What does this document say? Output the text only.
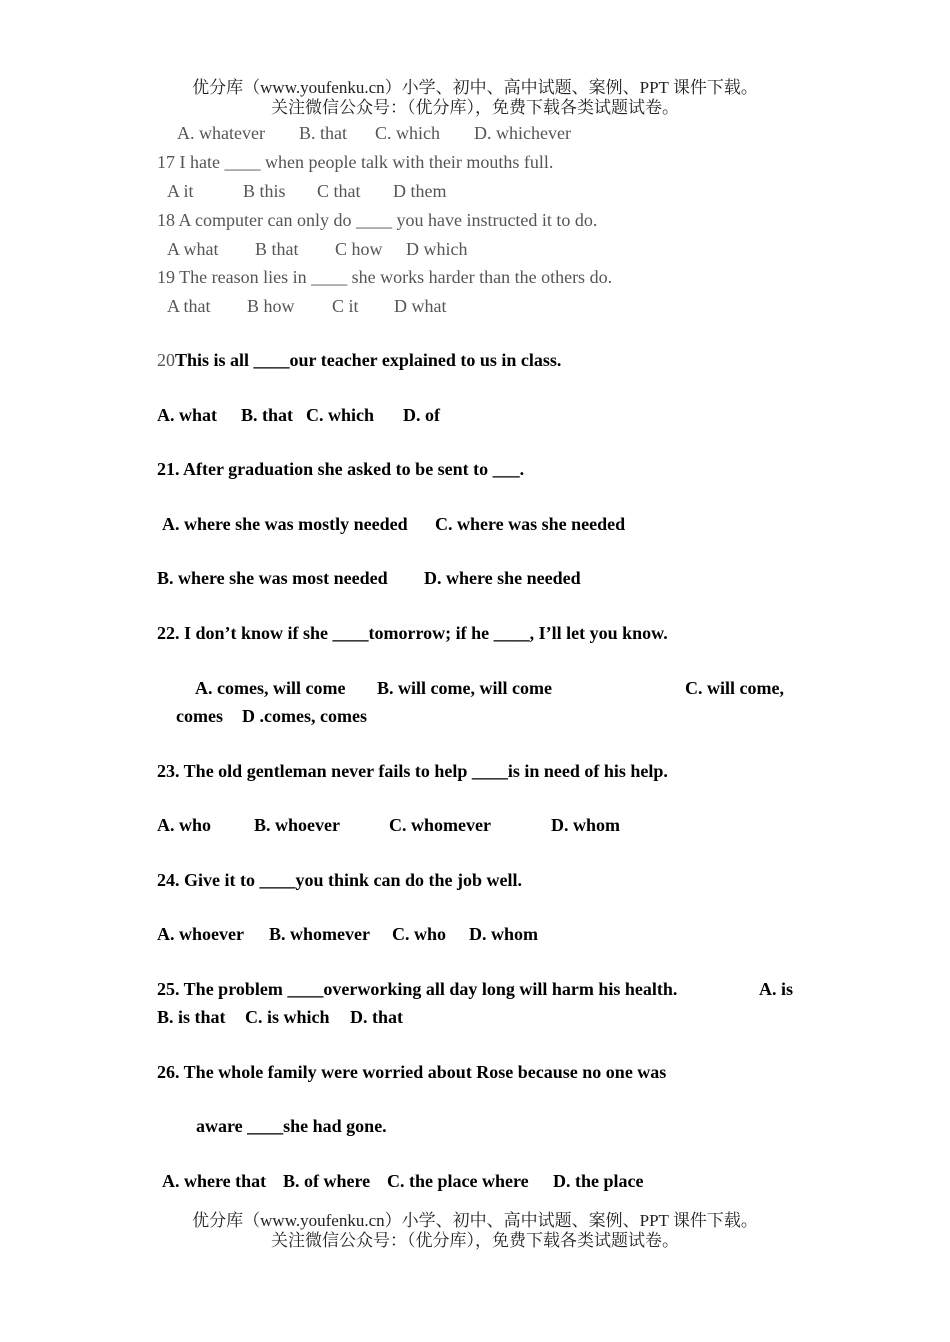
优分库（www.youfenku.cn）小学、初中、高中试题、案例、PPT 课件下载。
关注微信公众号：（优分库），免费下载各类试题试卷。
A. whatever B. that C. which D. whichever
17 I hate ____ when people talk with their mouths full.
A it	B this C that D them
18 A computer can only do ____ you have instructed it to do.
A what B that C how D which
19 The reason lies in ____ she works harder than the others do.
A that B how C it D what
20This is all ____our teacher explained to us in class.
A. what B. that C. which D. of
21. After graduation she asked to be sent to ___.
A. where she was mostly needed C. where was she needed
B. where she was most needed D. where she needed
22. I don’t know if she ____tomorrow; if he ____, I’ll let you know.
A. comes, will come B. will come, will come	C. will come,
comes D .comes, comes
23. The old gentleman never fails to help ____is in need of his help.
A. who B. whoever	C. whomever	D. whom
24. Give it to ____you think can do the job well.
A. whoever B. whomever C. who D. whom
25. The problem ____overworking all day long will harm his health.	A. is
B. is that C. is which D. that
26. The whole family were worried about Rose because no one was
aware ____she had gone.
A. where that B. of where C. the place where D. the place
优分库（www.youfenku.cn）小学、初中、高中试题、案例、PPT 课件下载。
关注微信公众号：（优分库），免费下载各类试题试卷。
